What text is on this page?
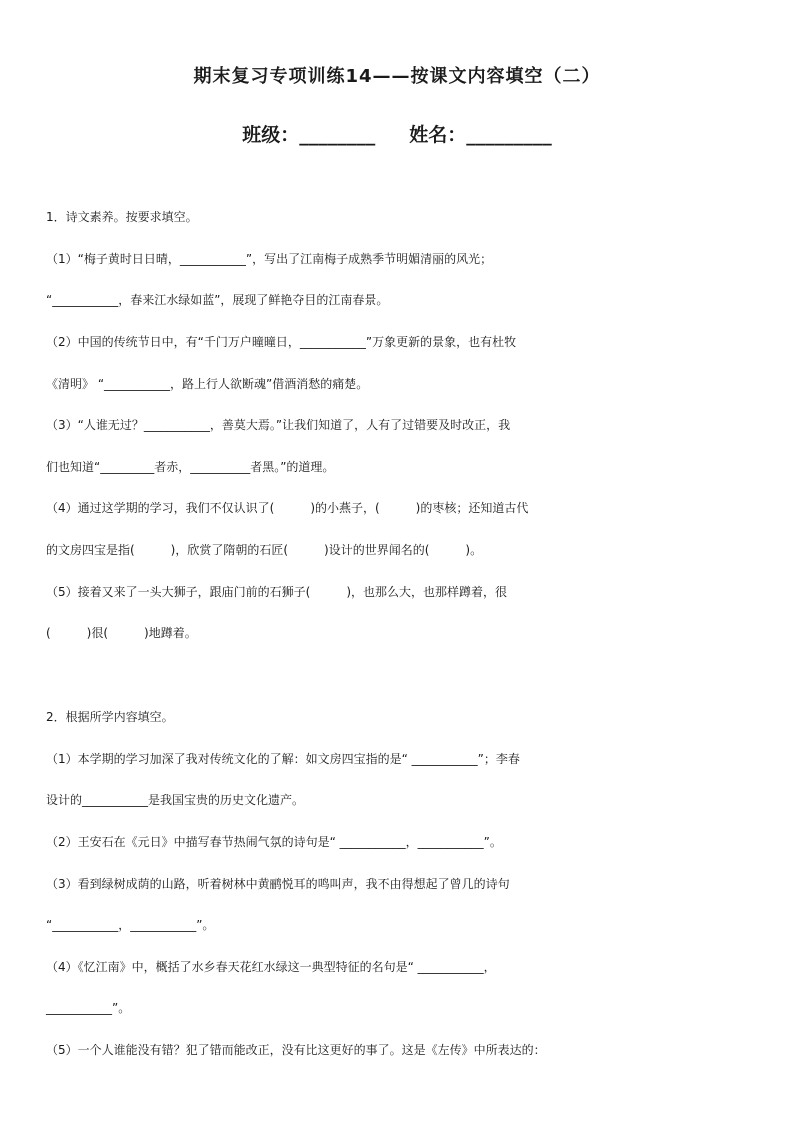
期末复习专项训练14——按课文内容填空（二）
班级：________ 姓名：_________
1．诗文素养。按要求填空。
（1）“梅子黄时日日晴，___________”，写出了江南梅子成熟季节明媚清丽的风光；
“___________，春来江水绿如蓝”，展现了鲜艳夺目的江南春景。
（2）中国的传统节日中，有“千门万户曈曈日，___________”万象更新的景象，也有杜牧
《清明》 “___________，路上行人欲断魂”借酒消愁的痛楚。
（3）“人谁无过？___________，善莫大焉。”让我们知道了，人有了过错要及时改正，我
们也知道“_________者赤，__________者黑。”的道理。
（4）通过这学期的学习，我们不仅认识了(　　　)的小燕子，(　　　)的枣核；还知道古代
的文房四宝是指(　　　)，欣赏了隋朝的石匠(　　　)设计的世界闻名的(　　　)。
（5）接着又来了一头大狮子，跟庙门前的石狮子(　　　)，也那么大，也那样蹲着，很
(　　　)很(　　　)地蹲着。
2．根据所学内容填空。
（1）本学期的学习加深了我对传统文化的了解：如文房四宝指的是“ ___________”；李春
设计的___________是我国宝贵的历史文化遗产。
（2）王安石在《元日》中描写春节热闹气氛的诗句是“ ___________，___________”。
（3）看到绿树成荫的山路，听着树林中黄鹂悦耳的鸣叫声，我不由得想起了曾几的诗句
“___________，___________”。
（4）《忆江南》中，概括了水乡春天花红水绿这一典型特征的名句是“ ___________，
___________”。
（5）一个人谁能没有错？犯了错而能改正，没有比这更好的事了。这是《左传》中所表达的：
